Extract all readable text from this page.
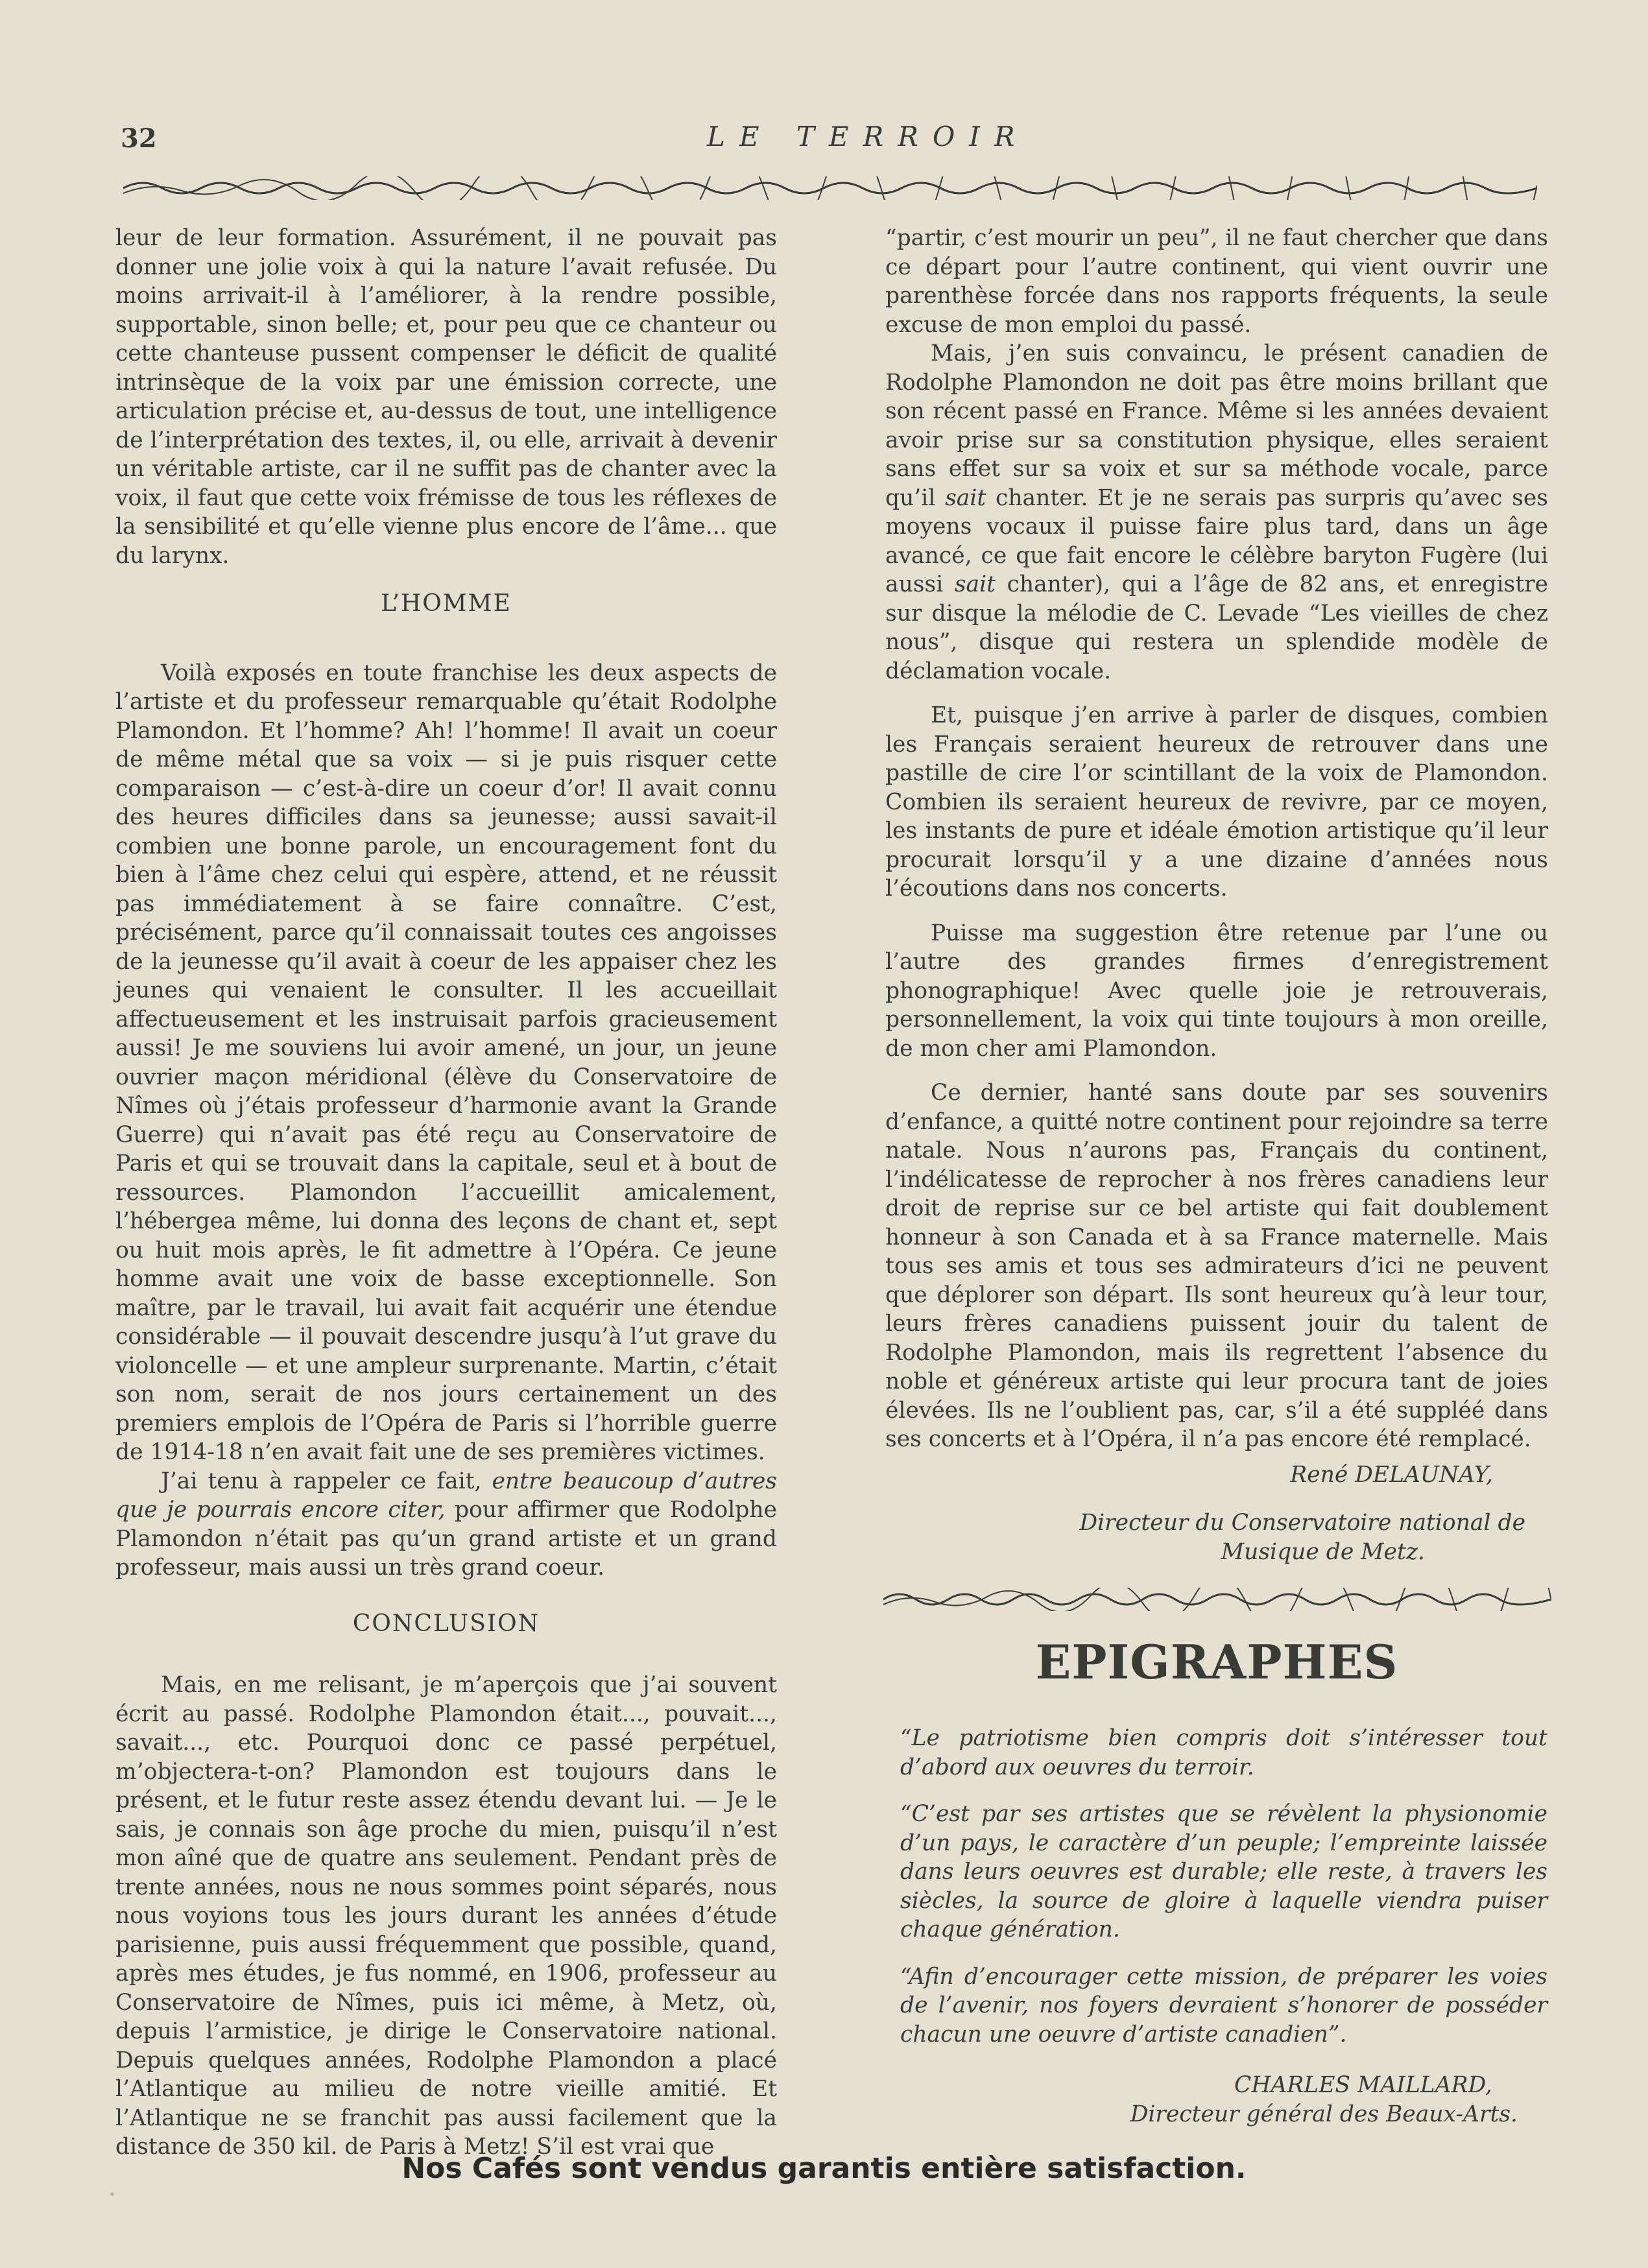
32	LE TERROIR

leur de leur formation. Assurément, il ne pouvait pas donner une jolie voix à qui la nature l’avait refusée. Du moins arrivait-il à l’améliorer, à la rendre possible, supportable, sinon belle; et, pour peu que ce chanteur ou cette chanteuse pussent compenser le déficit de qualité intrinsèque de la voix par une émission correcte, une articulation précise et, au-dessus de tout, une intelligence de l’interprétation des textes, il, ou elle, arrivait à devenir un véritable artiste, car il ne suffit pas de chanter avec la voix, il faut que cette voix frémisse de tous les réflexes de la sensibilité et qu’elle vienne plus encore de l’âme... que du larynx.

L’HOMME

Voilà exposés en toute franchise les deux aspects de l’artiste et du professeur remarquable qu’était Rodolphe Plamondon. Et l’homme? Ah! l’homme! Il avait un coeur de même métal que sa voix — si je puis risquer cette comparaison — c’est-à-dire un coeur d’or! Il avait connu des heures difficiles dans sa jeunesse; aussi savait-il combien une bonne parole, un encouragement font du bien à l’âme chez celui qui espère, attend, et ne réussit pas immédiatement à se faire connaître. C’est, précisément, parce qu’il connaissait toutes ces angoisses de la jeunesse qu’il avait à coeur de les appaiser chez les jeunes qui venaient le consulter. Il les accueillait affectueusement et les instruisait parfois gracieusement aussi! Je me souviens lui avoir amené, un jour, un jeune ouvrier maçon méridional (élève du Conservatoire de Nîmes où j’étais professeur d’harmonie avant la Grande Guerre) qui n’avait pas été reçu au Conservatoire de Paris et qui se trouvait dans la capitale, seul et à bout de ressources. Plamondon l’accueillit amicalement, l’hébergea même, lui donna des leçons de chant et, sept ou huit mois après, le fit admettre à l’Opéra. Ce jeune homme avait une voix de basse exceptionnelle. Son maître, par le travail, lui avait fait acquérir une étendue considérable — il pouvait descendre jusqu’à l’ut grave du violoncelle — et une ampleur surprenante. Martin, c’était son nom, serait de nos jours certainement un des premiers emplois de l’Opéra de Paris si l’horrible guerre de 1914-18 n’en avait fait une de ses premières victimes.

J’ai tenu à rappeler ce fait, entre beaucoup d’autres que je pourrais encore citer, pour affirmer que Rodolphe Plamondon n’était pas qu’un grand artiste et un grand professeur, mais aussi un très grand coeur.

CONCLUSION

Mais, en me relisant, je m’aperçois que j’ai souvent écrit au passé. Rodolphe Plamondon était..., pouvait..., savait..., etc. Pourquoi donc ce passé perpétuel, m’objectera-t-on? Plamondon est toujours dans le présent, et le futur reste assez étendu devant lui. — Je le sais, je connais son âge proche du mien, puisqu’il n’est mon aîné que de quatre ans seulement. Pendant près de trente années, nous ne nous sommes point séparés, nous nous voyions tous les jours durant les années d’étude parisienne, puis aussi fréquemment que possible, quand, après mes études, je fus nommé, en 1906, professeur au Conservatoire de Nîmes, puis ici même, à Metz, où, depuis l’armistice, je dirige le Conservatoire national. Depuis quelques années, Rodolphe Plamondon a placé l’Atlantique au milieu de notre vieille amitié. Et l’Atlantique ne se franchit pas aussi facilement que la distance de 350 kil. de Paris à Metz! S’il est vrai que

“partir, c’est mourir un peu”, il ne faut chercher que dans ce départ pour l’autre continent, qui vient ouvrir une parenthèse forcée dans nos rapports fréquents, la seule excuse de mon emploi du passé.

Mais, j’en suis convaincu, le présent canadien de Rodolphe Plamondon ne doit pas être moins brillant que son récent passé en France. Même si les années devaient avoir prise sur sa constitution physique, elles seraient sans effet sur sa voix et sur sa méthode vocale, parce qu’il sait chanter. Et je ne serais pas surpris qu’avec ses moyens vocaux il puisse faire plus tard, dans un âge avancé, ce que fait encore le célèbre baryton Fugère (lui aussi sait chanter), qui a l’âge de 82 ans, et enregistre sur disque la mélodie de C. Levade “Les vieilles de chez nous”, disque qui restera un splendide modèle de déclamation vocale.

Et, puisque j’en arrive à parler de disques, combien les Français seraient heureux de retrouver dans une pastille de cire l’or scintillant de la voix de Plamondon. Combien ils seraient heureux de revivre, par ce moyen, les instants de pure et idéale émotion artistique qu’il leur procurait lorsqu’il y a une dizaine d’années nous l’écoutions dans nos concerts.

Puisse ma suggestion être retenue par l’une ou l’autre des grandes firmes d’enregistrement phonographique! Avec quelle joie je retrouverais, personnellement, la voix qui tinte toujours à mon oreille, de mon cher ami Plamondon.

Ce dernier, hanté sans doute par ses souvenirs d’enfance, a quitté notre continent pour rejoindre sa terre natale. Nous n’aurons pas, Français du continent, l’indélicatesse de reprocher à nos frères canadiens leur droit de reprise sur ce bel artiste qui fait doublement honneur à son Canada et à sa France maternelle. Mais tous ses amis et tous ses admirateurs d’ici ne peuvent que déplorer son départ. Ils sont heureux qu’à leur tour, leurs frères canadiens puissent jouir du talent de Rodolphe Plamondon, mais ils regrettent l’absence du noble et généreux artiste qui leur procura tant de joies élevées. Ils ne l’oublient pas, car, s’il a été suppléé dans ses concerts et à l’Opéra, il n’a pas encore été remplacé.

René DELAUNAY,
Directeur du Conservatoire national de
Musique de Metz.
EPIGRAPHES

“Le patriotisme bien compris doit s’intéresser tout d’abord aux oeuvres du terroir.

“C’est par ses artistes que se révèlent la physionomie d’un pays, le caractère d’un peuple; l’empreinte laissée dans leurs oeuvres est durable; elle reste, à travers les siècles, la source de gloire à laquelle viendra puiser chaque génération.

“Afin d’encourager cette mission, de préparer les voies de l’avenir, nos foyers devraient s’honorer de posséder chacun une oeuvre d’artiste canadien”.

CHARLES MAILLARD,
Directeur général des Beaux-Arts.
Nos Cafés sont vendus garantis entière satisfaction.
